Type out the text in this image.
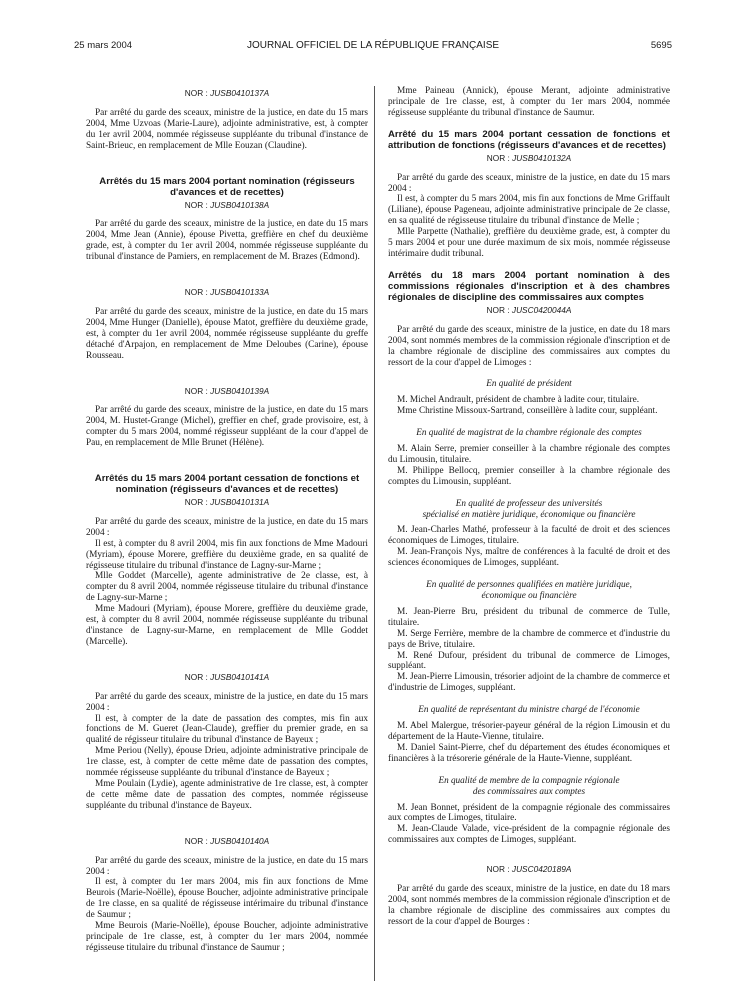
25 mars 2004	JOURNAL OFFICIEL DE LA RÉPUBLIQUE FRANÇAISE	5695
NOR : JUSB0410137A

Par arrêté du garde des sceaux, ministre de la justice, en date du 15 mars 2004, Mme Uzvoas (Marie-Laure), adjointe administrative, est, à compter du 1er avril 2004, nommée régisseuse suppléante du tribunal d'instance de Saint-Brieuc, en remplacement de Mlle Eouzan (Claudine).

Arrêtés du 15 mars 2004 portant nomination (régisseurs d'avances et de recettes)
NOR : JUSB0410138A

Par arrêté du garde des sceaux, ministre de la justice, en date du 15 mars 2004, Mme Jean (Annie), épouse Pivetta, greffière en chef du deuxième grade, est, à compter du 1er avril 2004, nommée régisseuse suppléante du tribunal d'instance de Pamiers, en remplacement de M. Brazes (Edmond).

NOR : JUSB0410133A

Par arrêté du garde des sceaux, ministre de la justice, en date du 15 mars 2004, Mme Hunger (Danielle), épouse Matot, greffière du deuxième grade, est, à compter du 1er avril 2004, nommée régisseuse suppléante du greffe détaché d'Arpajon, en remplacement de Mme Deloubes (Carine), épouse Rousseau.

NOR : JUSB0410139A

Par arrêté du garde des sceaux, ministre de la justice, en date du 15 mars 2004, M. Hustet-Grange (Michel), greffier en chef, grade provisoire, est, à compter du 5 mars 2004, nommé régisseur suppléant de la cour d'appel de Pau, en remplacement de Mlle Brunet (Hélène).

Arrêtés du 15 mars 2004 portant cessation de fonctions et nomination (régisseurs d'avances et de recettes)
NOR : JUSB0410131A

Par arrêté du garde des sceaux, ministre de la justice, en date du 15 mars 2004 :

Il est, à compter du 8 avril 2004, mis fin aux fonctions de Mme Madouri (Myriam), épouse Morere, greffière du deuxième grade, en sa qualité de régisseuse titulaire du tribunal d'instance de Lagny-sur-Marne ;

Mlle Goddet (Marcelle), agente administrative de 2e classe, est, à compter du 8 avril 2004, nommée régisseuse titulaire du tribunal d'instance de Lagny-sur-Marne ;

Mme Madouri (Myriam), épouse Morere, greffière du deuxième grade, est, à compter du 8 avril 2004, nommée régisseuse suppléante du tribunal d'instance de Lagny-sur-Marne, en remplacement de Mlle Goddet (Marcelle).

NOR : JUSB0410141A

Par arrêté du garde des sceaux, ministre de la justice, en date du 15 mars 2004 :

Il est, à compter de la date de passation des comptes, mis fin aux fonctions de M. Gueret (Jean-Claude), greffier du premier grade, en sa qualité de régisseur titulaire du tribunal d'instance de Bayeux ;

Mme Periou (Nelly), épouse Drieu, adjointe administrative principale de 1re classe, est, à compter de cette même date de passation des comptes, nommée régisseuse suppléante du tribunal d'instance de Bayeux ;

Mme Poulain (Lydie), agente administrative de 1re classe, est, à compter de cette même date de passation des comptes, nommée régisseuse suppléante du tribunal d'instance de Bayeux.

NOR : JUSB0410140A

Par arrêté du garde des sceaux, ministre de la justice, en date du 15 mars 2004 :

Il est, à compter du 1er mars 2004, mis fin aux fonctions de Mme Beurois (Marie-Noëlle), épouse Boucher, adjointe administrative principale de 1re classe, en sa qualité de régisseuse intérimaire du tribunal d'instance de Saumur ;

Mme Beurois (Marie-Noëlle), épouse Boucher, adjointe administrative principale de 1re classe, est, à compter du 1er mars 2004, nommée régisseuse titulaire du tribunal d'instance de Saumur ;

Mme Paineau (Annick), épouse Merant, adjointe administrative principale de 1re classe, est, à compter du 1er mars 2004, nommée régisseuse suppléante du tribunal d'instance de Saumur.

Arrêté du 15 mars 2004 portant cessation de fonctions et attribution de fonctions (régisseurs d'avances et de recettes)
NOR : JUSB0410132A

Par arrêté du garde des sceaux, ministre de la justice, en date du 15 mars 2004 :

Il est, à compter du 5 mars 2004, mis fin aux fonctions de Mme Griffault (Liliane), épouse Pageneau, adjointe administrative principale de 2e classe, en sa qualité de régisseuse titulaire du tribunal d'instance de Melle ;

Mlle Parpette (Nathalie), greffière du deuxième grade, est, à compter du 5 mars 2004 et pour une durée maximum de six mois, nommée régisseuse intérimaire dudit tribunal.

Arrêtés du 18 mars 2004 portant nomination à des commissions régionales d'inscription et à des chambres régionales de discipline des commissaires aux comptes
NOR : JUSC0420044A

Par arrêté du garde des sceaux, ministre de la justice, en date du 18 mars 2004, sont nommés membres de la commission régionale d'inscription et de la chambre régionale de discipline des commissaires aux comptes du ressort de la cour d'appel de Limoges :

En qualité de président

M. Michel Andrault, président de chambre à ladite cour, titulaire.

Mme Christine Missoux-Sartrand, conseillère à ladite cour, suppléant.

En qualité de magistrat de la chambre régionale des comptes

M. Alain Serre, premier conseiller à la chambre régionale des comptes du Limousin, titulaire.

M. Philippe Bellocq, premier conseiller à la chambre régionale des comptes du Limousin, suppléant.

En qualité de professeur des universités
spécialisé en matière juridique, économique ou financière

M. Jean-Charles Mathé, professeur à la faculté de droit et des sciences économiques de Limoges, titulaire.

M. Jean-François Nys, maître de conférences à la faculté de droit et des sciences économiques de Limoges, suppléant.

En qualité de personnes qualifiées en matière juridique,
économique ou financière

M. Jean-Pierre Bru, président du tribunal de commerce de Tulle, titulaire.

M. Serge Ferrière, membre de la chambre de commerce et d'industrie du pays de Brive, titulaire.

M. René Dufour, président du tribunal de commerce de Limoges, suppléant.

M. Jean-Pierre Limousin, trésorier adjoint de la chambre de commerce et d'industrie de Limoges, suppléant.

En qualité de représentant du ministre chargé de l'économie

M. Abel Malergue, trésorier-payeur général de la région Limousin et du département de la Haute-Vienne, titulaire.

M. Daniel Saint-Pierre, chef du département des études économiques et financières à la trésorerie générale de la Haute-Vienne, suppléant.

En qualité de membre de la compagnie régionale
des commissaires aux comptes

M. Jean Bonnet, président de la compagnie régionale des commissaires aux comptes de Limoges, titulaire.

M. Jean-Claude Valade, vice-président de la compagnie régionale des commissaires aux comptes de Limoges, suppléant.

NOR : JUSC0420189A

Par arrêté du garde des sceaux, ministre de la justice, en date du 18 mars 2004, sont nommés membres de la commission régionale d'inscription et de la chambre régionale de discipline des commissaires aux comptes du ressort de la cour d'appel de Bourges :
